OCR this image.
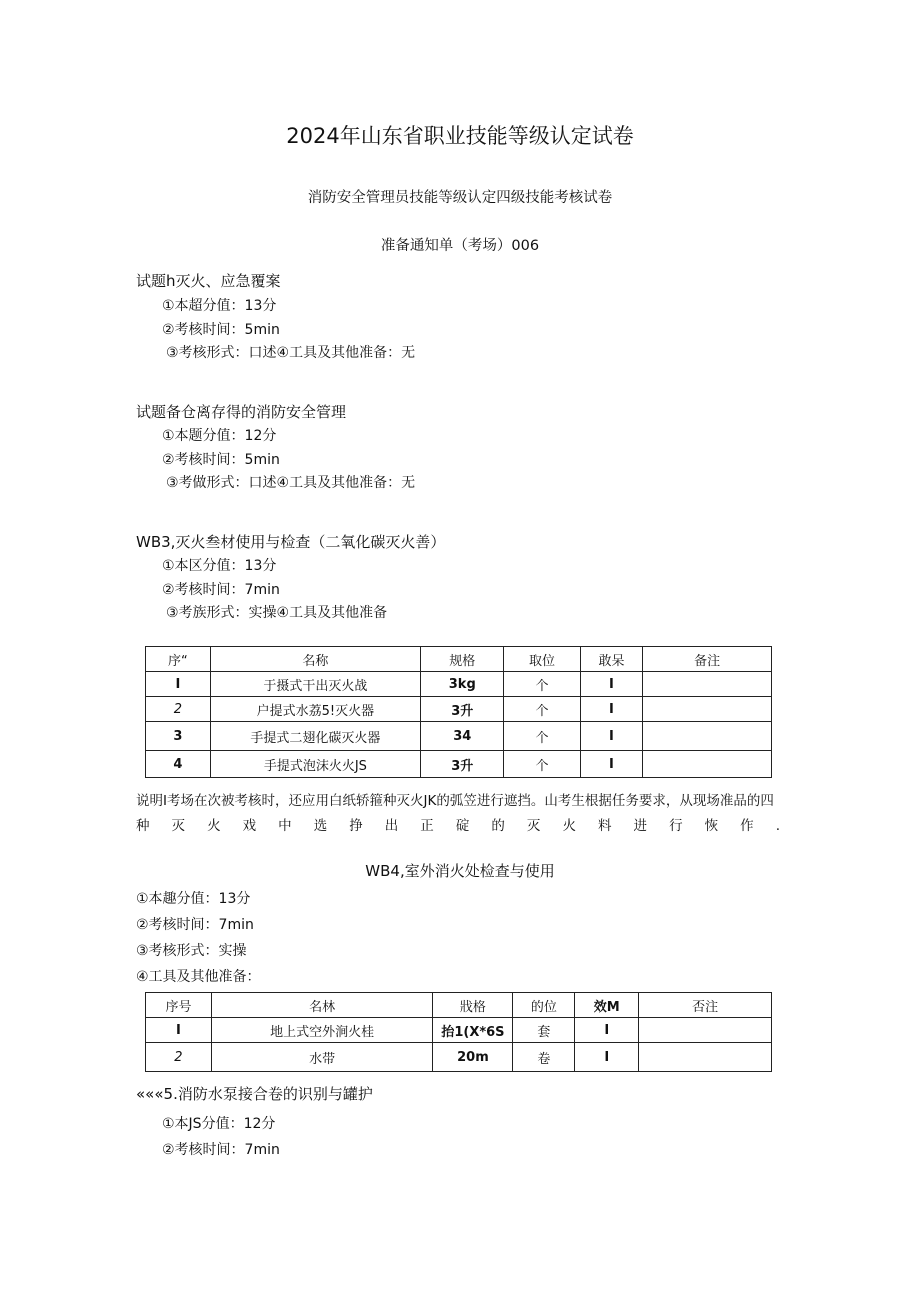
2024年山东省职业技能等级认定试卷
消防安全管理员技能等级认定四级技能考核试卷
准备通知单（考场）006
试题h灭火、应急覆案
①本超分值：13分
②考核时间：5min
③考核形式：口述④工具及其他准备：无
试题备仓离存得的消防安全管理
①本题分值：12分
②考核时间：5min
③考做形式：口述④工具及其他准备：无
WB3,灭火叁材使用与检查（二氧化碳灭火善）
①本区分值：13分
②考核时间：7min
③考族形式：实操④工具及其他准备
序“	名称	规格	取位	敢呆	备注
I	于摄式干出灭火战	3kg	个	I	
2	户提式水荔5!灭火器	3升	个	I	
3	手提式二翅化碳灭火器	34	个	I	
4	手提式泡沫火火JS	3升	个	I	
说明I考场在次被考核时，还应用白纸轿箍种灭火JK的弧笠进行遮挡。山考生根据任务要求，从现场准品的四
种灭火戏中选挣出正碇的灭火料进行恢作.
WB4,室外消火处检查与使用
①本趣分值：13分
②考核时间：7min
③考核形式：实操
④工具及其他准备：
序号	名林	戕格	的位	效M	否注
I	地上式空外涧火桂	抬1(X*6S	套	I	
2	水带	20m	卷	I	
«««5.消防水泵接合卷的识别与罐护
①本JS分值：12分
②考核时间：7min
